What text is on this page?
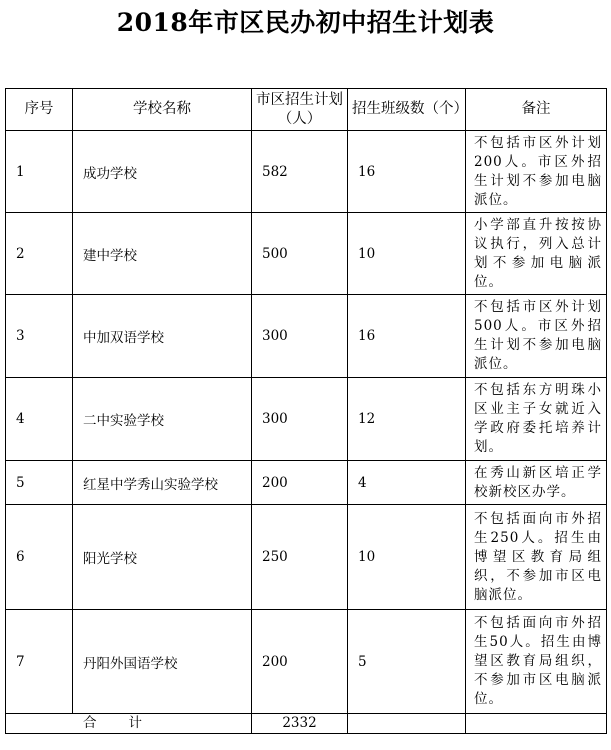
2018年市区民办初中招生计划表
序号	学校名称	市区招生计划（人）	招生班级数（个）	备注
1	成功学校	582	16	不包括市区外计划200人。市区外招生计划不参加电脑派位。
2	建中学校	500	10	小学部直升按按协议执行，列入总计划不参加电脑派位。
3	中加双语学校	300	16	不包括市区外计划500人。市区外招生计划不参加电脑派位。
4	二中实验学校	300	12	不包括东方明珠小区业主子女就近入学政府委托培养计划。
5	红星中学秀山实验学校	200	4	在秀山新区培正学校新校区办学。
6	阳光学校	250	10	不包括面向市外招生250人。招生由博望区教育局组织，不参加市区电脑派位。
7	丹阳外国语学校	200	5	不包括面向市外招生50人。招生由博望区教育局组织，不参加市区电脑派位。
合计		2332		
